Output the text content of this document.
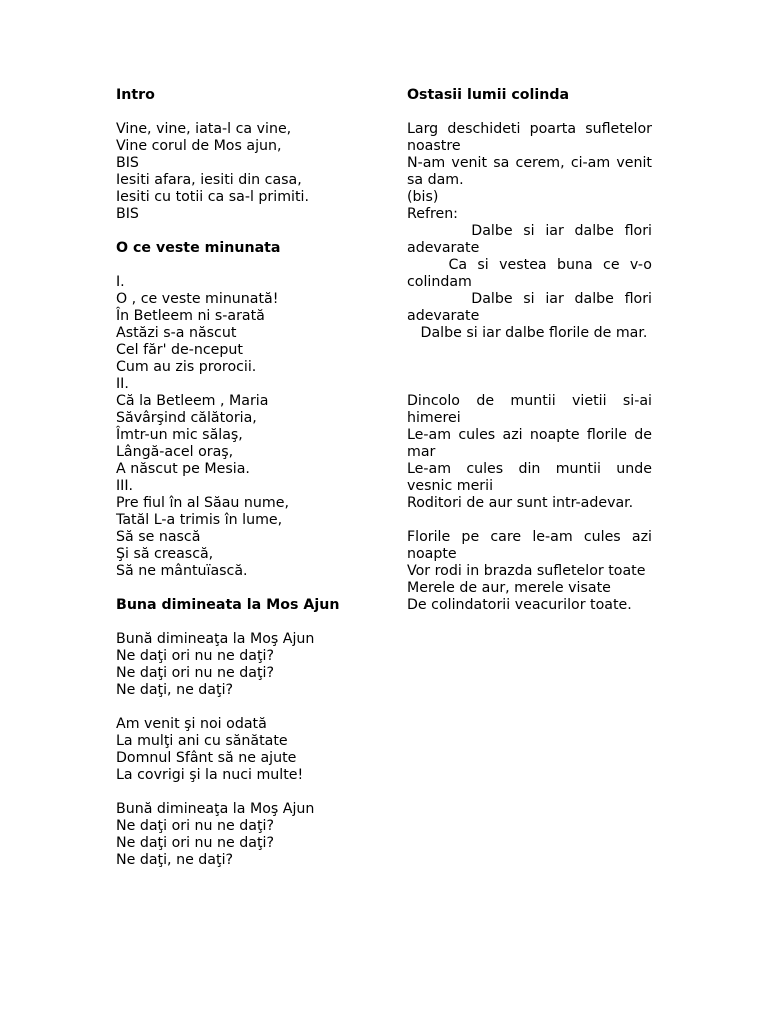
Intro
Vine, vine, iata-l ca vine,
Vine corul de Mos ajun,
BIS
Iesiti afara, iesiti din casa,
Iesiti cu totii ca sa-l primiti.
BIS
O ce veste minunata
I.
O , ce veste minunată!
În Betleem ni s-arată
Astăzi s-a născut
Cel făr' de-nceput
Cum au zis prorocii.
II.
Că la Betleem , Maria
Săvârşind călătoria,
Îmtr-un mic sălaş,
Lângă-acel oraş,
A născut pe Mesia.
III.
Pre fiul în al Săau nume,
Tatăl L-a trimis în lume,
Să se nască
Şi să crească,
Să ne mântuïască.
Buna dimineata la Mos Ajun
Bună dimineaţa la Moş Ajun
Ne daţi ori nu ne daţi?
Ne daţi ori nu ne daţi?
Ne daţi, ne daţi?
Am venit şi noi odată
La mulţi ani cu sănătate
Domnul Sfânt să ne ajute
La covrigi şi la nuci multe!
Bună dimineaţa la Moş Ajun
Ne daţi ori nu ne daţi?
Ne daţi ori nu ne daţi?
Ne daţi, ne daţi?
Ostasii lumii colinda

Larg deschideti poarta sufletelor noastre
N-am venit sa cerem, ci-am venit sa dam.

(bis)
Refren:

Dalbe si iar dalbe flori adevarate

Ca si vestea buna ce v-o colindam

Dalbe si iar dalbe flori adevarate

Dalbe si iar dalbe florile de mar.

Dincolo de muntii vietii si-ai himerei

Le-am cules azi noapte florile de mar

Le-am cules din muntii unde vesnic merii

Roditori de aur sunt intr-adevar.

Florile pe care le-am cules azi noapte

Vor rodi in brazda sufletelor toate

Merele de aur, merele visate

De colindatorii veacurilor toate.
